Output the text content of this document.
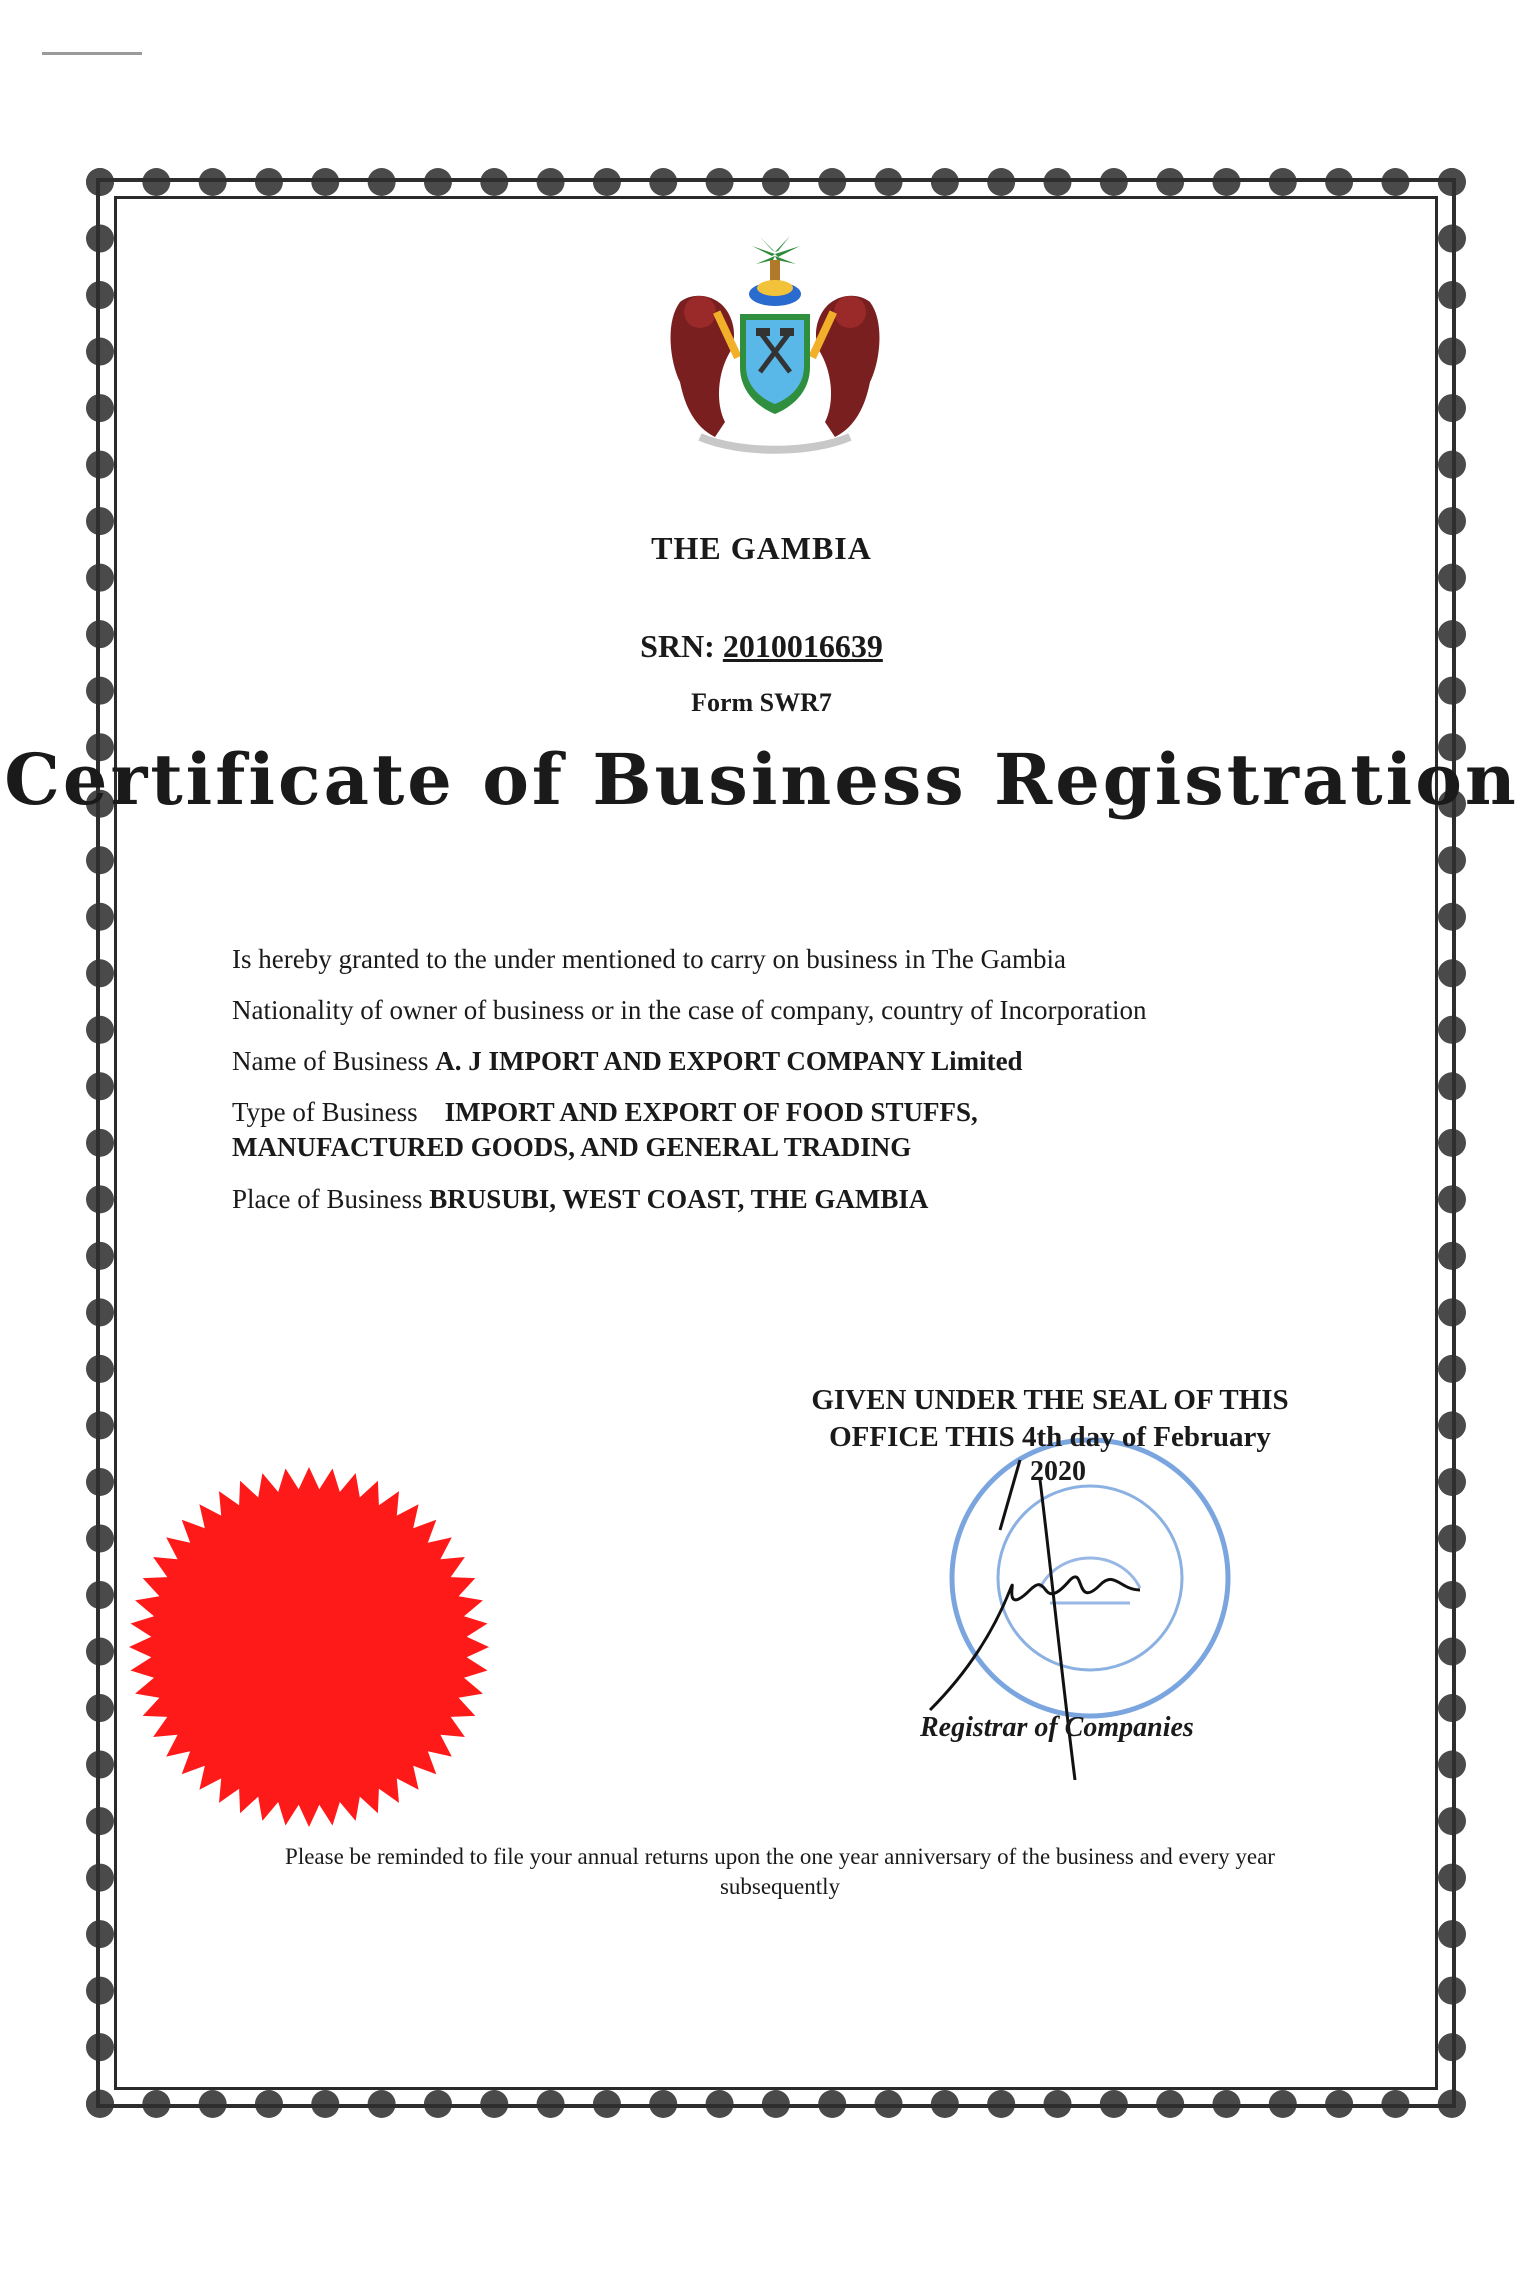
THE GAMBIA
SRN: 2010016639
Form SWR7
Certificate of Business Registration
Is hereby granted to the under mentioned to carry on business in The Gambia
Nationality of owner of business or in the case of company, country of Incorporation
Name of Business A. J IMPORT AND EXPORT COMPANY Limited
Type of Business IMPORT AND EXPORT OF FOOD STUFFS,
MANUFACTURED GOODS, AND GENERAL TRADING
Place of Business BRUSUBI, WEST COAST, THE GAMBIA
GIVEN UNDER THE SEAL OF THIS
OFFICE THIS 4th day of February
2020
Registrar of Companies
Please be reminded to file your annual returns upon the one year anniversary of the business and every year
subsequently
